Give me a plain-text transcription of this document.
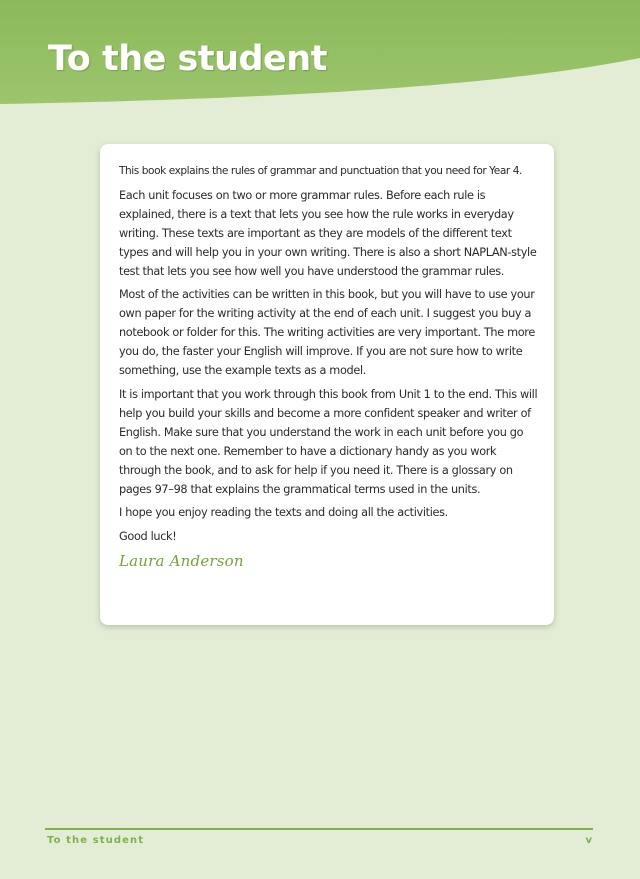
To the student

This book explains the rules of grammar and punctuation that you need for Year 4.

Each unit focuses on two or more grammar rules. Before each rule is explained, there is a text that lets you see how the rule works in everyday writing. These texts are important as they are models of the different text types and will help you in your own writing. There is also a short NAPLAN-style test that lets you see how well you have understood the grammar rules.

Most of the activities can be written in this book, but you will have to use your own paper for the writing activity at the end of each unit. I suggest you buy a notebook or folder for this. The writing activities are very important. The more you do, the faster your English will improve. If you are not sure how to write something, use the example texts as a model.

It is important that you work through this book from Unit 1 to the end. This will help you build your skills and become a more confident speaker and writer of English. Make sure that you understand the work in each unit before you go on to the next one. Remember to have a dictionary handy as you work through the book, and to ask for help if you need it. There is a glossary on pages 97–98 that explains the grammatical terms used in the units.

I hope you enjoy reading the texts and doing all the activities.

Good luck!

Laura Anderson
To the student	v
